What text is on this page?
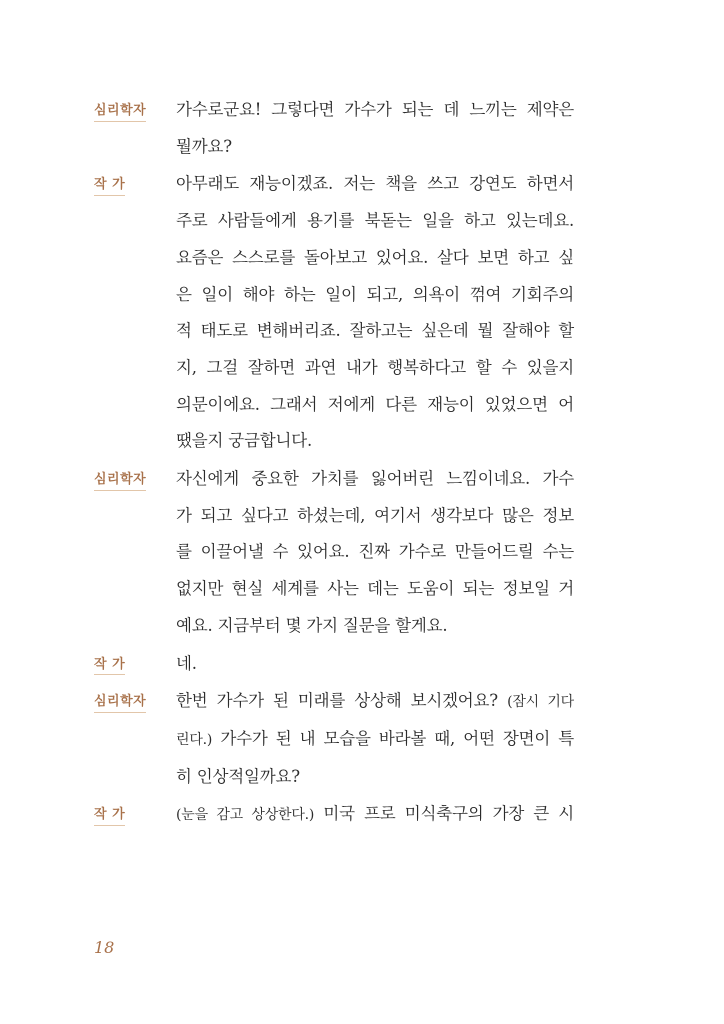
심리학자 가수로군요! 그렇다면 가수가 되는 데 느끼는 제약은
뭘까요?
작 가	아무래도 재능이겠죠. 저는 책을 쓰고 강연도 하면서
주로 사람들에게 용기를 북돋는 일을 하고 있는데요.
요즘은 스스로를 돌아보고 있어요. 살다 보면 하고 싶
은 일이 해야 하는 일이 되고, 의욕이 꺾여 기회주의
적 태도로 변해버리죠. 잘하고는 싶은데 뭘 잘해야 할
지, 그걸 잘하면 과연 내가 행복하다고 할 수 있을지
의문이에요. 그래서 저에게 다른 재능이 있었으면 어
땠을지 궁금합니다.
심리학자 자신에게 중요한 가치를 잃어버린 느낌이네요. 가수
가 되고 싶다고 하셨는데, 여기서 생각보다 많은 정보
를 이끌어낼 수 있어요. 진짜 가수로 만들어드릴 수는
없지만 현실 세계를 사는 데는 도움이 되는 정보일 거
예요. 지금부터 몇 가지 질문을 할게요.
작 가	네.
심리학자 한번 가수가 된 미래를 상상해 보시겠어요? (잠시 기다
린다.) 가수가 된 내 모습을 바라볼 때, 어떤 장면이 특
히 인상적일까요?
작 가	(눈을 감고 상상한다.) 미국 프로 미식축구의 가장 큰 시
18
